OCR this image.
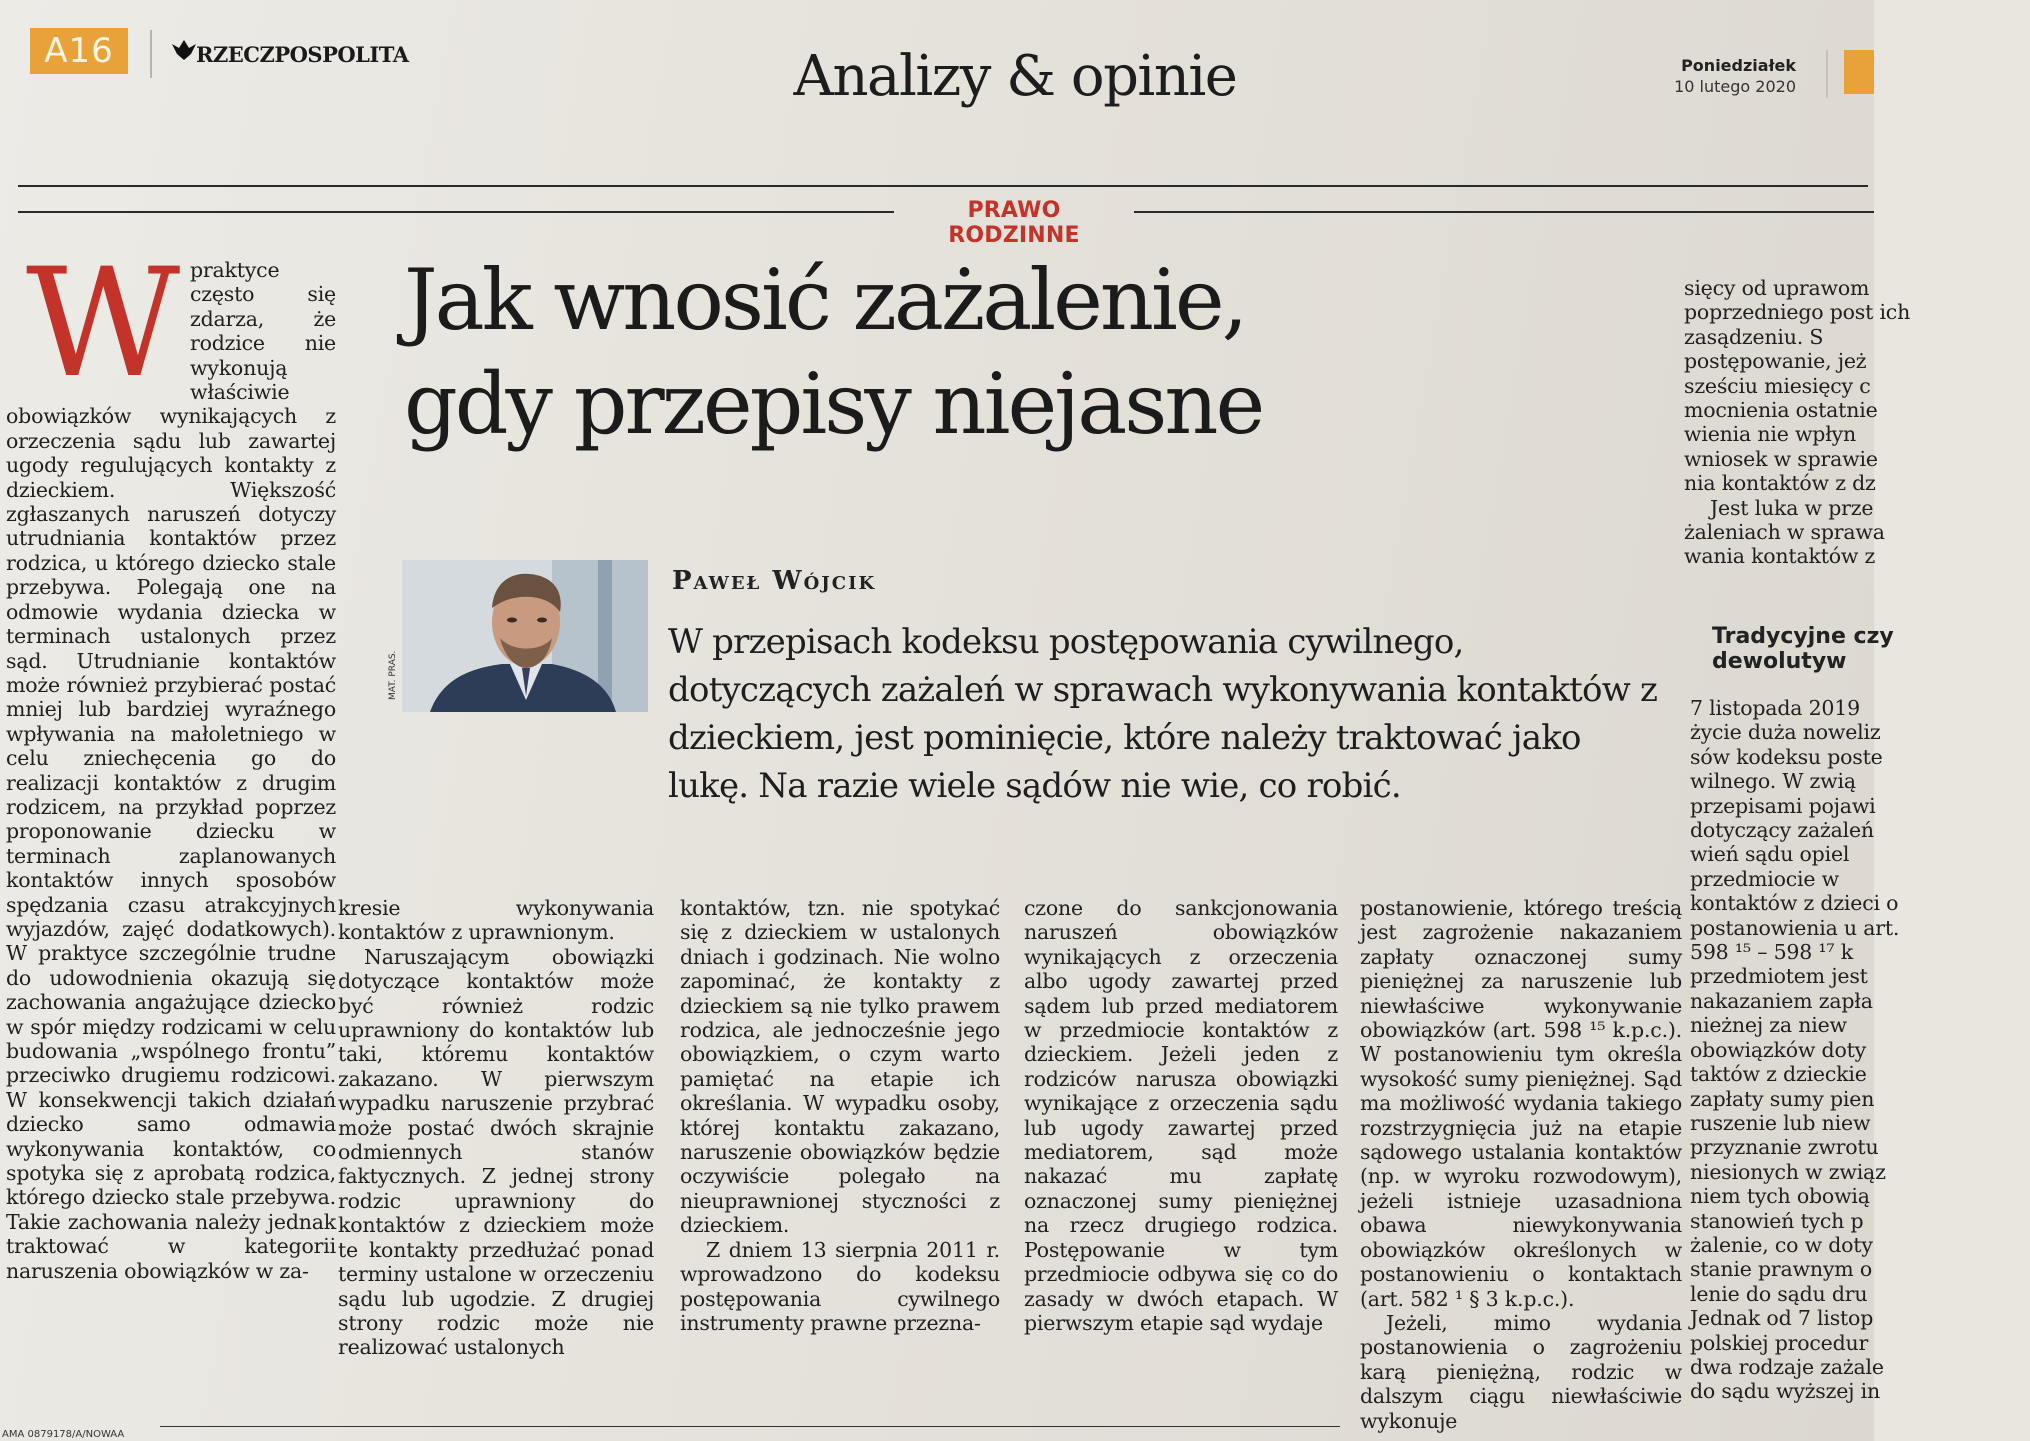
A16	RZECZPOSPOLITA	Analizy & opinie	Poniedziałek
10 lutego 2020
PRAWO RODZINNE
Jak wnosić zażalenie,
gdy przepisy niejasne
MAT. PRAS.
Paweł Wójcik
W przepisach kodeksu postępowania cywilnego, dotyczących zażaleń w sprawach wykonywania kontaktów z dzieckiem, jest pominięcie, które należy traktować jako lukę. Na razie wiele sądów nie wie, co robić.
W praktyce często się zdarza, że rodzice nie wykonują właściwie obowiązków wynikających z orzeczenia sądu lub zawartej ugody regulujących kontakty z dzieckiem. Większość zgłaszanych naruszeń dotyczy utrudniania kontaktów przez rodzica, u którego dziecko stale przebywa. Polegają one na odmowie wydania dziecka w terminach ustalonych przez sąd. Utrudnianie kontaktów może również przybierać postać mniej lub bardziej wyraźnego wpływania na małoletniego w celu zniechęcenia go do realizacji kontaktów z drugim rodzicem, na przykład poprzez proponowanie dziecku w terminach zaplanowanych kontaktów innych sposobów spędzania czasu atrakcyjnych wyjazdów, zajęć dodatkowych). W praktyce szczególnie trudne do udowodnienia okazują się zachowania angażujące dziecko w spór między rodzicami w celu budowania „wspólnego frontu” przeciwko drugiemu rodzicowi. W konsekwencji takich działań dziecko samo odmawia wykonywania kontaktów, co spotyka się z aprobatą rodzica, którego dziecko stale przebywa. Takie zachowania należy jednak traktować w kategorii naruszenia obowiązków w za-

kresie wykonywania kontaktów z uprawnionym.

Naruszającym obowiązki dotyczące kontaktów może być również rodzic uprawniony do kontaktów lub taki, któremu kontaktów zakazano. W pierwszym wypadku naruszenie przybrać może postać dwóch skrajnie odmiennych stanów faktycznych. Z jednej strony rodzic uprawniony do kontaktów z dzieckiem może te kontakty przedłużać ponad terminy ustalone w orzeczeniu sądu lub ugodzie. Z drugiej strony rodzic może nie realizować ustalonych

kontaktów, tzn. nie spotykać się z dzieckiem w ustalonych dniach i godzinach. Nie wolno zapominać, że kontakty z dzieckiem są nie tylko prawem rodzica, ale jednocześnie jego obowiązkiem, o czym warto pamiętać na etapie ich określania. W wypadku osoby, której kontaktu zakazano, naruszenie obowiązków będzie oczywiście polegało na nieuprawnionej styczności z dzieckiem.

Z dniem 13 sierpnia 2011 r. wprowadzono do kodeksu postępowania cywilnego instrumenty prawne przezna-

czone do sankcjonowania naruszeń obowiązków wynikających z orzeczenia albo ugody zawartej przed sądem lub przed mediatorem w przedmiocie kontaktów z dzieckiem. Jeżeli jeden z rodziców narusza obowiązki wynikające z orzeczenia sądu lub ugody zawartej przed mediatorem, sąd może nakazać mu zapłatę oznaczonej sumy pieniężnej na rzecz drugiego rodzica. Postępowanie w tym przedmiocie odbywa się co do zasady w dwóch etapach. W pierwszym etapie sąd wydaje

postanowienie, którego treścią jest zagrożenie nakazaniem zapłaty oznaczonej sumy pieniężnej za naruszenie lub niewłaściwe wykonywanie obowiązków (art. 598 ¹⁵ k.p.c.). W postanowieniu tym określa wysokość sumy pieniężnej. Sąd ma możliwość wydania takiego rozstrzygnięcia już na etapie sądowego ustalania kontaktów (np. w wyroku rozwodowym), jeżeli istnieje uzasadniona obawa niewykonywania obowiązków określonych w postanowieniu o kontaktach (art. 582 ¹ § 3 k.p.c.).

Jeżeli, mimo wydania postanowienia o zagrożeniu karą pieniężną, rodzic w dalszym ciągu niewłaściwie wykonuje

sięcy od uprawom poprzedniego post ich zasądzeniu. S postępowanie, jeż sześciu miesięcy c mocnienia ostatnie wienia nie wpłyn wniosek w sprawie nia kontaktów z dz

Jest luka w prze żaleniach w sprawa wania kontaktów z

Tradycyjne czy dewolutyw

7 listopada 2019 życie duża noweliz sów kodeksu poste wilnego. W zwią przepisami pojawi dotyczący zażaleń wień sądu opiel przedmiocie w kontaktów z dzieci o postanowienia u art. 598 ¹⁵ – 598 ¹⁷ k przedmiotem jest nakazaniem zapła nieżnej za niew obowiązków doty taktów z dzieckie zapłaty sumy pien ruszenie lub niew przyznanie zwrotu niesionych w związ niem tych obowią stanowień tych p żalenie, co w doty stanie prawnym o lenie do sądu dru Jednak od 7 listop polskiej procedur dwa rodzaje zażale do sądu wyższej in

AMA 0879178/A/NOWAA
